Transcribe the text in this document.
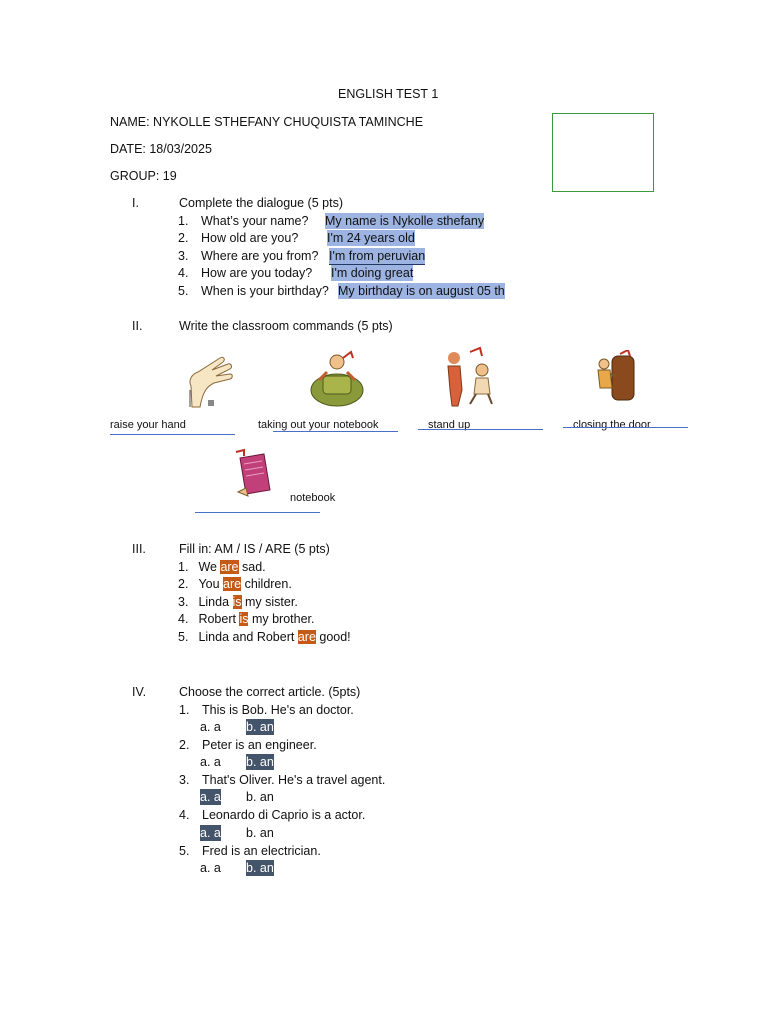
ENGLISH TEST 1
NAME: NYKOLLE STHEFANY CHUQUISTA TAMINCHE
DATE: 18/03/2025
GROUP: 19
I.	Complete the dialogue (5 pts)
1. What’s your name? My name is Nykolle sthefany
2. How old are you? I'm 24 years old
3. Where are you from? I'm from peruvian
4. How are you today? I'm doing great
5. When is your birthday? My birthday is on august 05 th
II.	Write the classroom commands (5 pts)
raise your hand	taking out your notebook	stand up	closing the door
notebook
III.	Fill in: AM / IS / ARE (5 pts)
1. We are sad.
2. You are children.
3. Linda is my sister.
4. Robert is my brother.
5. Linda and Robert are good!
IV.	Choose the correct article. (5pts)
1. This is Bob. He's an doctor.
a. a b. an
2. Peter is an engineer.
a. a b. an
3. That's Oliver. He's a travel agent.
a. a b. an
4. Leonardo di Caprio is a actor.
a. a b. an
5. Fred is an electrician.
a. a b. an
